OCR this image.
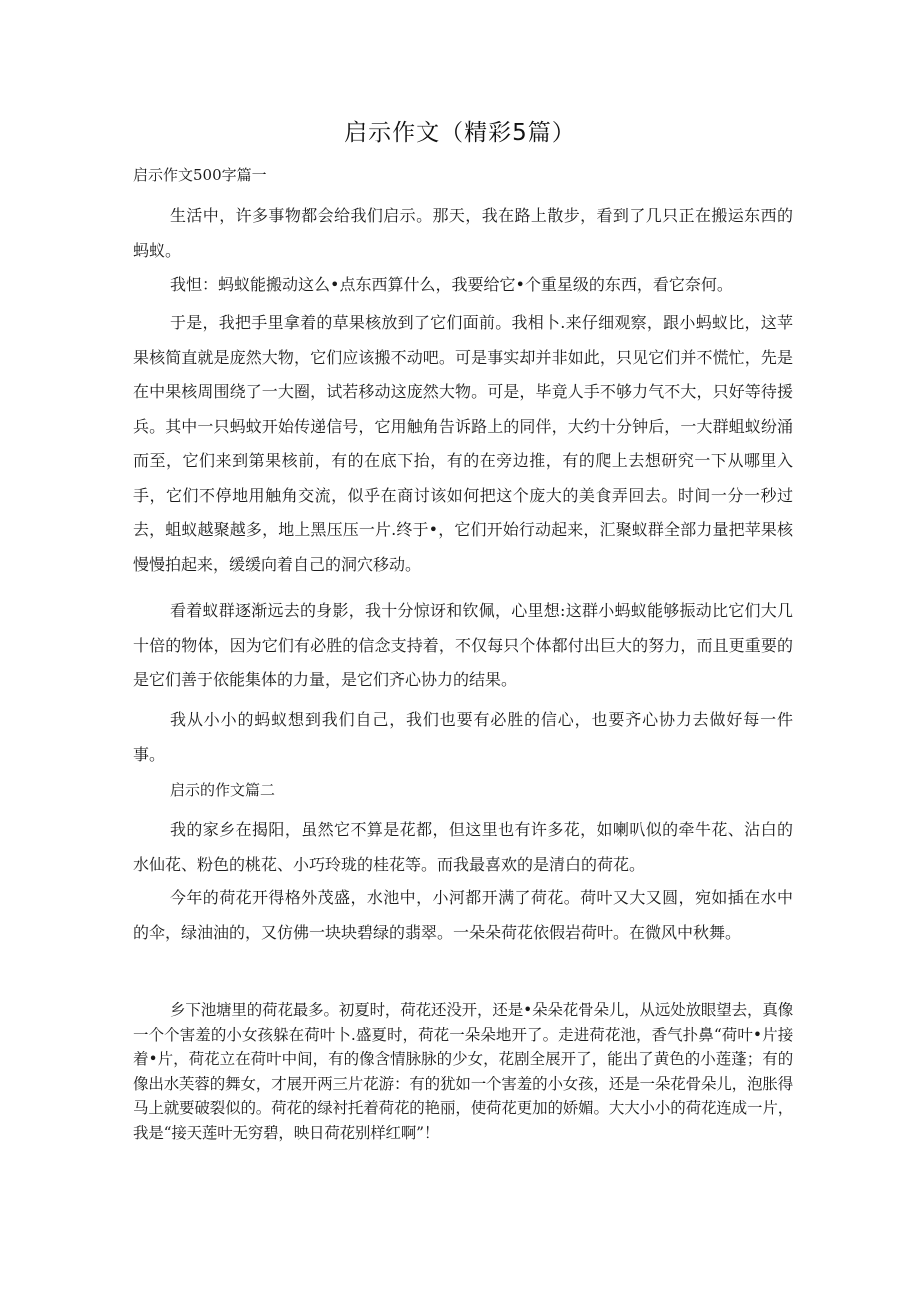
启示作文（精彩5篇）
启示作文500字篇一

生活中，许多事物都会给我们启示。那天，我在路上散步，看到了几只正在搬运东西的蚂蚁。

我怛：蚂蚁能搬动这么•点东西算什么，我要给它•个重星级的东西，看它奈何。

于是，我把手里拿着的草果核放到了它们面前。我相卜.来仔细观察，跟小蚂蚁比，这苹果核简直就是庞然大物，它们应该搬不动吧。可是事实却并非如此，只见它们并不慌忙，先是在中果核周围绕了一大圈，试若移动这庞然大物。可是，毕竟人手不够力气不大，只好等待援兵。其中一只蚂蚊开始传递信号，它用触角告诉路上的同伴，大约十分钟后，一大群蛆蚁纷涌而至，它们来到第果核前，有的在底下抬，有的在旁边推，有的爬上去想研究一下从哪里入手，它们不停地用触角交流，似乎在商讨该如何把这个庞大的美食弄回去。时间一分一秒过去，蛆蚁越聚越多，地上黑压压一片.终于•，它们开始行动起来，汇聚蚁群全部力量把苹果核慢慢拍起来，缓缓向着自己的洞穴移动。

看着蚁群逐渐远去的身影，我十分惊讶和钦佩，心里想:这群小蚂蚁能够振动比它们大几十倍的物体，因为它们有必胜的信念支持着，不仅每只个体都付出巨大的努力，而且更重要的是它们善于依能集体的力量，是它们齐心协力的结果。

我从小小的蚂蚁想到我们自己，我们也要有必胜的信心，也要齐心协力去做好每一件事。

启示的作文篇二

我的家乡在揭阳，虽然它不算是花都，但这里也有许多花，如喇叭似的牵牛花、沾白的水仙花、粉色的桃花、小巧玲珑的桂花等。而我最喜欢的是清白的荷花。

今年的荷花开得格外茂盛，水池中，小河都开满了荷花。荷叶又大又圆，宛如插在水中的伞，绿油油的，又仿佛一块块碧绿的翡翠。一朵朵荷花依假岩荷叶。在微风中秋舞。

乡下池塘里的荷花最多。初夏时，荷花还没开，还是•朵朵花骨朵儿，从远处放眼望去，真像一个个害羞的小女孩躲在荷叶卜.盛夏时，荷花一朵朵地开了。走进荷花池，香气扑鼻“荷叶•片接着•片，荷花立在荷叶中间，有的像含情脉脉的少女，花剧全展开了，能出了黄色的小莲蓬；有的像出水芙蓉的舞女，才展开两三片花游：有的犹如一个害羞的小女孩，还是一朵花骨朵儿，泡胀得马上就要破裂似的。荷花的绿衬托着荷花的艳丽，使荷花更加的娇媚。大大小小的荷花连成一片，我是“接天莲叶无穷碧，映日荷花别样红啊”！
